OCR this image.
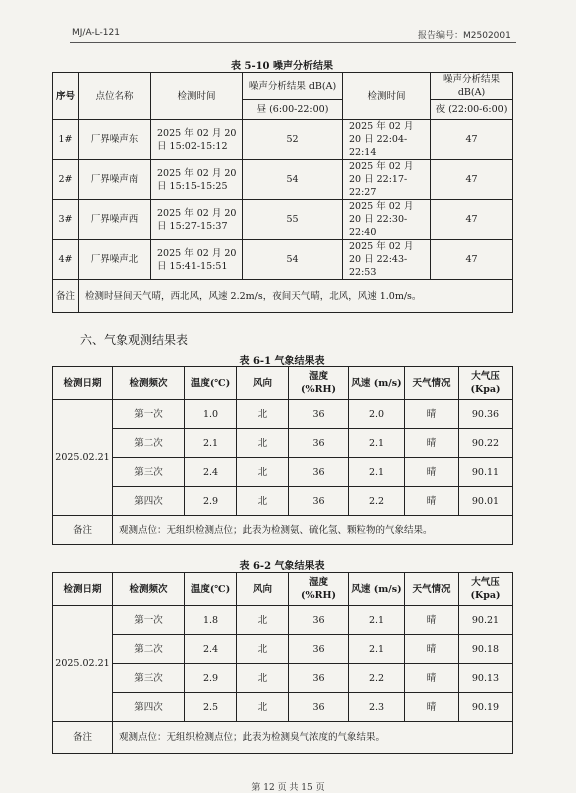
MJ/A-L-121	报告编号：M2502001
表 5-10 噪声分析结果
序号	点位名称	检测时间	噪声分析结果 dB(A)	检测时间	噪声分析结果 dB(A)
			昼 (6:00-22:00)		夜 (22:00-6:00)
1#	厂界噪声东	2025 年 02 月 20 日 15:02-15:12	52	2025 年 02 月 20 日 22:04-22:14	47
2#	厂界噪声南	2025 年 02 月 20 日 15:15-15:25	54	2025 年 02 月 20 日 22:17-22:27	47
3#	厂界噪声西	2025 年 02 月 20 日 15:27-15:37	55	2025 年 02 月 20 日 22:30-22:40	47
4#	厂界噪声北	2025 年 02 月 20 日 15:41-15:51	54	2025 年 02 月 20 日 22:43-22:53	47
备注	检测时昼间天气晴，西北风，风速 2.2m/s，夜间天气晴，北风，风速 1.0m/s。				
六、气象观测结果表
表 6-1 气象结果表
检测日期	检测频次	温度(℃)	风向	湿度 (%RH)	风速 (m/s)	天气情况	大气压 (Kpa)
2025.02.21	第一次	1.0	北	36	2.0	晴	90.36
	第二次	2.1	北	36	2.1	晴	90.22
	第三次	2.4	北	36	2.1	晴	90.11
	第四次	2.9	北	36	2.2	晴	90.01
备注	观测点位：无组织检测点位；此表为检测氨、硫化氢、颗粒物的气象结果。						
表 6-2 气象结果表
检测日期	检测频次	温度(℃)	风向	湿度 (%RH)	风速 (m/s)	天气情况	大气压 (Kpa)
2025.02.21	第一次	1.8	北	36	2.1	晴	90.21
	第二次	2.4	北	36	2.1	晴	90.18
	第三次	2.9	北	36	2.2	晴	90.13
	第四次	2.5	北	36	2.3	晴	90.19
备注	观测点位：无组织检测点位；此表为检测臭气浓度的气象结果。						
第 12 页 共 15 页
